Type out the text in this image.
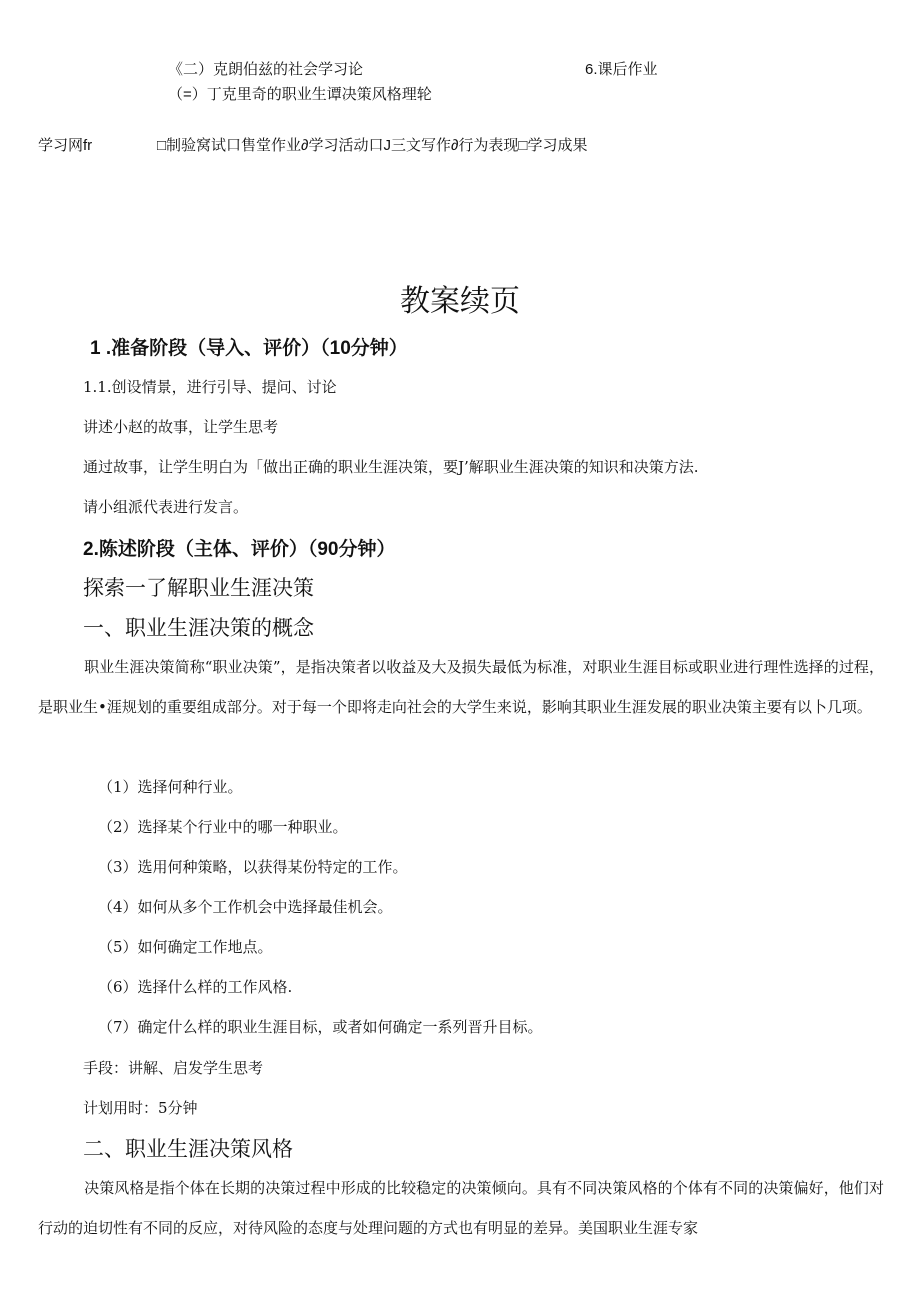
《二）克朗伯兹的社会学习论	6.课后作业
（=）丁克里奇的职业生谭决策风格理轮
学习网fr	□制验窝试口售堂作业∂学习活动口J三文写作∂行为表现□学习成果
教案续页
1 .准备阶段（导入、评价）（10分钟）
1.1.创设情景，进行引导、提问、讨论
讲述小赵的故事，让学生思考
通过故事，让学生明白为「做出正确的职业生涯决策，要J’解职业生涯决策的知识和决策方法.
请小组派代表进行发言。
2.陈述阶段（主体、评价）（90分钟）
探索一了解职业生涯决策
一、职业生涯决策的概念
职业生涯决策简称“职业决策”，是指决策者以收益及大及损失最低为标准，对职业生涯目标或职业进行理性选择的过程，是职业生•涯规划的重要组成部分。对于每一个即将走向社会的大学生来说，影响其职业生涯发展的职业决策主要有以卜几项。
（1）选择何种行业。
（2）选择某个行业中的哪一种职业。
（3）选用何种策略，以获得某份特定的工作。
（4）如何从多个工作机会中选择最佳机会。
（5）如何确定工作地点。
（6）选择什么样的工作风格.
（7）确定什么样的职业生涯目标，或者如何确定一系列晋升目标。
手段：讲解、启发学生思考
计划用时：5分钟
二、职业生涯决策风格
决策风格是指个体在长期的决策过程中形成的比较稳定的决策倾向。具有不同决策风格的个体有不同的决策偏好，他们对行动的迫切性有不同的反应，对待风险的态度与处理问题的方式也有明显的差异。美国职业生涯专家
